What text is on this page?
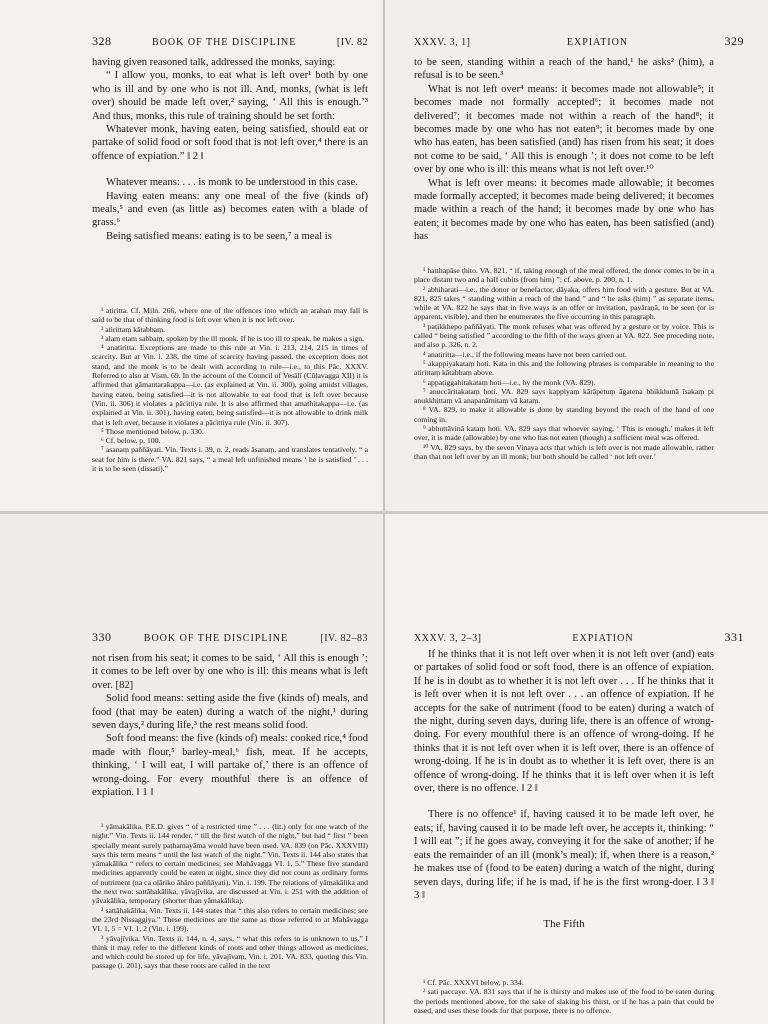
328	BOOK OF THE DISCIPLINE	[IV. 82

having given reasoned talk, addressed the monks, saying:

“ I allow you, monks, to eat what is left over¹ both by one who is ill and by one who is not ill. And, monks, (what is left over) should be made left over,² saying, ‘ All this is enough.’³ And thus, monks, this rule of training should be set forth:

Whatever monk, having eaten, being satisfied, should eat or partake of solid food or soft food that is not left over,⁴ there is an offence of expiation.” ‖ 2 ‖

Whatever means: . . . is monk to be understood in this case.

Having eaten means: any one meal of the five (kinds of) meals,⁵ and even (as little as) becomes eaten with a blade of grass.⁶

Being satisfied means: eating is to be seen,⁷ a meal is

¹ atiritta. Cf. Miln. 266, where one of the offences into which an arahan may fall is said to be that of thinking food is left over when it is not left over.

² atirittaṃ kātabbaṃ.

³ alam etam sabbaṃ, spoken by the ill monk. If he is too ill to speak, he makes a sign.

⁴ anatiritta. Exceptions are made to this rule at Vin. i. 213, 214, 215 in times of scarcity. But at Vin. i. 238, the time of scarcity having passed, the exception does not stand, and the monk is to be dealt with according to rule—i.e., to this Pāc. XXXV. Referred to also at Vism. 69. In the account of the Council of Vesālī (Cūḷavagga XII) it is affirmed that gāmantarakappa—i.e. (as explained at Vin. ii. 300), going amidst villages, having eaten, being satisfied—it is not allowable to eat food that is left over because (Vin. ii. 306) it violates a pācittiya rule. It is also affirmed that amathitakappa—i.e. (as explained at Vin. ii. 301), having eaten, being satisfied—it is not allowable to drink milk that is left over, because it violates a pācittiya rule (Vin. ii. 307).

⁵ Those mentioned below, p. 330.

⁶ Cf. below, p. 100.

⁷ asanaṃ paññāyati. Vin. Texts i. 39, n. 2, reads āsanaṃ, and translates tentatively, “ a seat for him is there.” VA. 821 says, “ a meal left unfinished means ‘ he is satisfied ’ . . . it is to be seen (dissati).”

XXXV. 3, 1]	EXPIATION	329

to be seen, standing within a reach of the hand,¹ he asks² (him), a refusal is to be seen.³

What is not left over⁴ means: it becomes made not allowable⁵; it becomes made not formally accepted⁶; it becomes made not delivered⁷; it becomes made not within a reach of the hand⁸; it becomes made by one who has not eaten⁹; it becomes made by one who has eaten, has been satisfied (and) has risen from his seat; it does not come to be said, ‘ All this is enough ’; it does not come to be left over by one who is ill: this means what is not left over.¹⁰

What is left over means: it becomes made allowable; it becomes made formally accepted; it becomes made being delivered; it becomes made within a reach of the hand; it becomes made by one who has eaten; it becomes made by one who has eaten, has been satisfied (and) has

¹ hatthapāse ṭhito. VA. 821, “ if, taking enough of the meal offered, the donor comes to be in a place distant two and a half cubits (from him) ”; cf. above, p. 200, n. 1.

² abhiharati—i.e., the donor or benefactor, dāyaka, offers him food with a gesture. But at VA. 821, 825 takes “ standing within a reach of the hand ” and “ he asks (him) ” as separate items, while at VA. 822 he says that in five ways is an offer or invitation, pavāraṇā, to be seen (or is apparent, visible), and then he enumerates the five occurring in this paragraph.

³ paṭikkhepo paññāyati. The monk refuses what was offered by a gesture or by voice. This is called “ being satisfied ” according to the fifth of the ways given at VA. 822. See preceding note, and also p. 326, n. 2.

⁴ anatiritta—i.e., if the following means have not been carried out.

⁵ akappiyakataṃ hoti. Kata in this and the following phrases is comparable in meaning to the atirittaṃ kātabbaṃ above.

⁶ appaṭiggahitakataṃ hoti—i.e., by the monk (VA. 829).

⁷ anuccāritakataṃ hoti. VA. 829 says kappiyaṃ kārāpetuṃ āgatena bhikkhunā īsakaṃ pi anukkhittaṃ vā anapanāmitaṃ vā kataṃ.

⁸ VA. 829, to make it allowable is done by standing beyond the reach of the hand of one coming in.

⁹ abhuttāvinā kataṃ hoti. VA. 829 says that whoever saying, ‘ This is enough,’ makes it left over, it is made (allowable) by one who has not eaten (though) a sufficient meal was offered.

¹⁰ VA. 829 says, by the seven Vinaya acts that which is left over is not made allowable, rather than that not left over by an ill monk; but both should be called ‘ not left over.’

330	BOOK OF THE DISCIPLINE	[IV. 82–83

not risen from his seat; it comes to be said, ‘ All this is enough ’; it comes to be left over by one who is ill: this means what is left over. [82]

Solid food means: setting aside the five (kinds of) meals, and food (that may be eaten) during a watch of the night,¹ during seven days,² during life,³ the rest means solid food.

Soft food means: the five (kinds of) meals: cooked rice,⁴ food made with flour,⁵ barley-meal,⁶ fish, meat. If he accepts, thinking, ‘ I will eat, I will partake of,’ there is an offence of wrong-doing. For every mouthful there is an offence of expiation. ‖ 1 ‖

¹ yāmakālika. P.E.D. gives “ of a restricted time ” . . . (lit.) only for one watch of the night.” Vin. Texts ii. 144 render, “ till the first watch of the night,” but had “ first ” been specially meant surely paṭhamayāma would have been used. VA. 839 (on Pāc. XXXVIII) says this term means “ until the last watch of the night.” Vin. Texts ii. 144 also states that yāmakālika “ refers to certain medicines; see Mahāvagga VI. 1, 5.” These five standard medicines apparently could be eaten at night, since they did not count as ordinary forms of nutriment (na ca oḷāriko āhāro paññāyati), Vin. i. 199. The relations of yāmakālika and the next two: sattāhakālika, yāvajīvika, are discussed at Vin. i. 251 with the addition of yāvakālika, temporary (shorter than yāmakālika).

² sattāhakālika. Vin. Texts ii. 144 states that “ this also refers to certain medicines; see the 23rd Nissaggiya.” These medicines are the same as those referred to at Mahāvagga VI. 1, 5 = VI. 1, 2 (Vin. i. 199).

³ yāvajīvika. Vin. Texts ii. 144, n. 4, says, “ what this refers to is unknown to us.” I think it may refer to the different kinds of roots and other things allowed as medicines, and which could be stored up for life, yāvajīvaṃ, Vin. i. 201. VA. 833, quoting this Vin. passage (i. 201), says that these roots are called in the text

XXXV. 3, 2–3]	EXPIATION	331

If he thinks that it is not left over when it is not left over (and) eats or partakes of solid food or soft food, there is an offence of expiation. If he is in doubt as to whether it is not left over . . . If he thinks that it is left over when it is not left over . . . an offence of expiation. If he accepts for the sake of nutriment (food to be eaten) during a watch of the night, during seven days, during life, there is an offence of wrong-doing. For every mouthful there is an offence of wrong-doing. If he thinks that it is not left over when it is left over, there is an offence of wrong-doing. If he is in doubt as to whether it is left over, there is an offence of wrong-doing. If he thinks that it is left over when it is left over, there is no offence. ‖ 2 ‖

There is no offence¹ if, having caused it to be made left over, he eats; if, having caused it to be made left over, he accepts it, thinking: “ I will eat ”; if he goes away, conveying it for the sake of another; if he eats the remainder of an ill (monk’s meal); if, when there is a reason,² he makes use of (food to be eaten) during a watch of the night, during seven days, during life; if he is mad, if he is the first wrong-doer. ‖ 3 ‖ 3 ‖

The Fifth

¹ Cf. Pāc. XXXVI below, p. 334.

² sati paccaye. VA. 831 says that if he is thirsty and makes use of the food to be eaten during the periods mentioned above, for the sake of slaking his thirst, or if he has a pain that could be eased, and uses these foods for that purpose, there is no offence.
